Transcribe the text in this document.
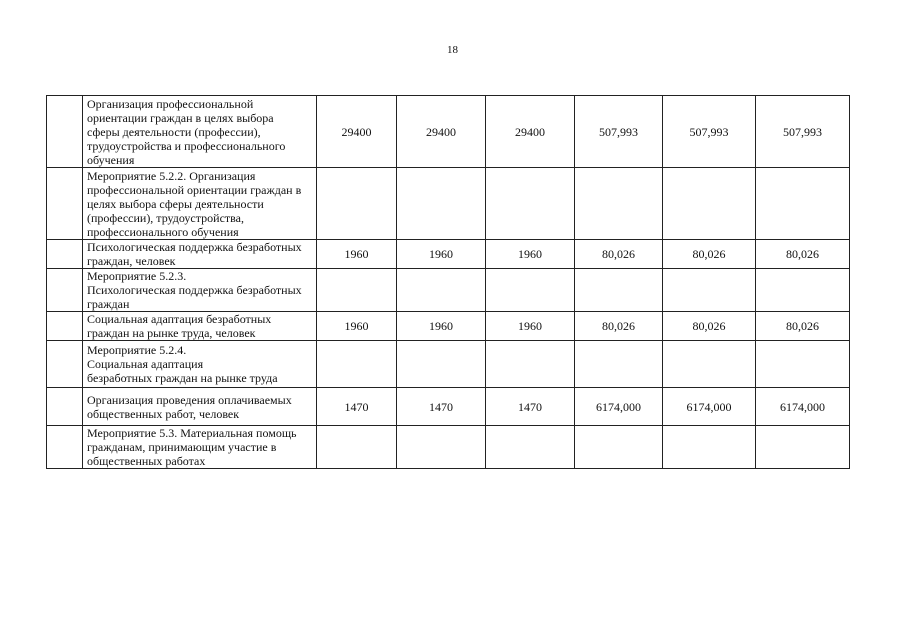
18

	Организация профессиональной
ориентации граждан в целях выбора
сферы деятельности (профессии),
трудоустройства и профессионального
обучения	29400	29400	29400	507,993	507,993	507,993

	Мероприятие 5.2.2. Организация
профессиональной ориентации граждан в
целях выбора сферы деятельности
(профессии), трудоустройства,
профессионального обучения						

	Психологическая поддержка безработных
граждан, человек	1960	1960	1960	80,026	80,026	80,026

	Мероприятие 5.2.3.
Психологическая поддержка безработных
граждан						

	Социальная адаптация безработных
граждан на рынке труда, человек	1960	1960	1960	80,026	80,026	80,026

	Мероприятие 5.2.4.
Социальная адаптация
безработных граждан на рынке труда						

	Организация проведения оплачиваемых
общественных работ, человек	1470	1470	1470	6174,000	6174,000	6174,000

	Мероприятие 5.3. Материальная помощь
гражданам, принимающим участие в
общественных работах						
